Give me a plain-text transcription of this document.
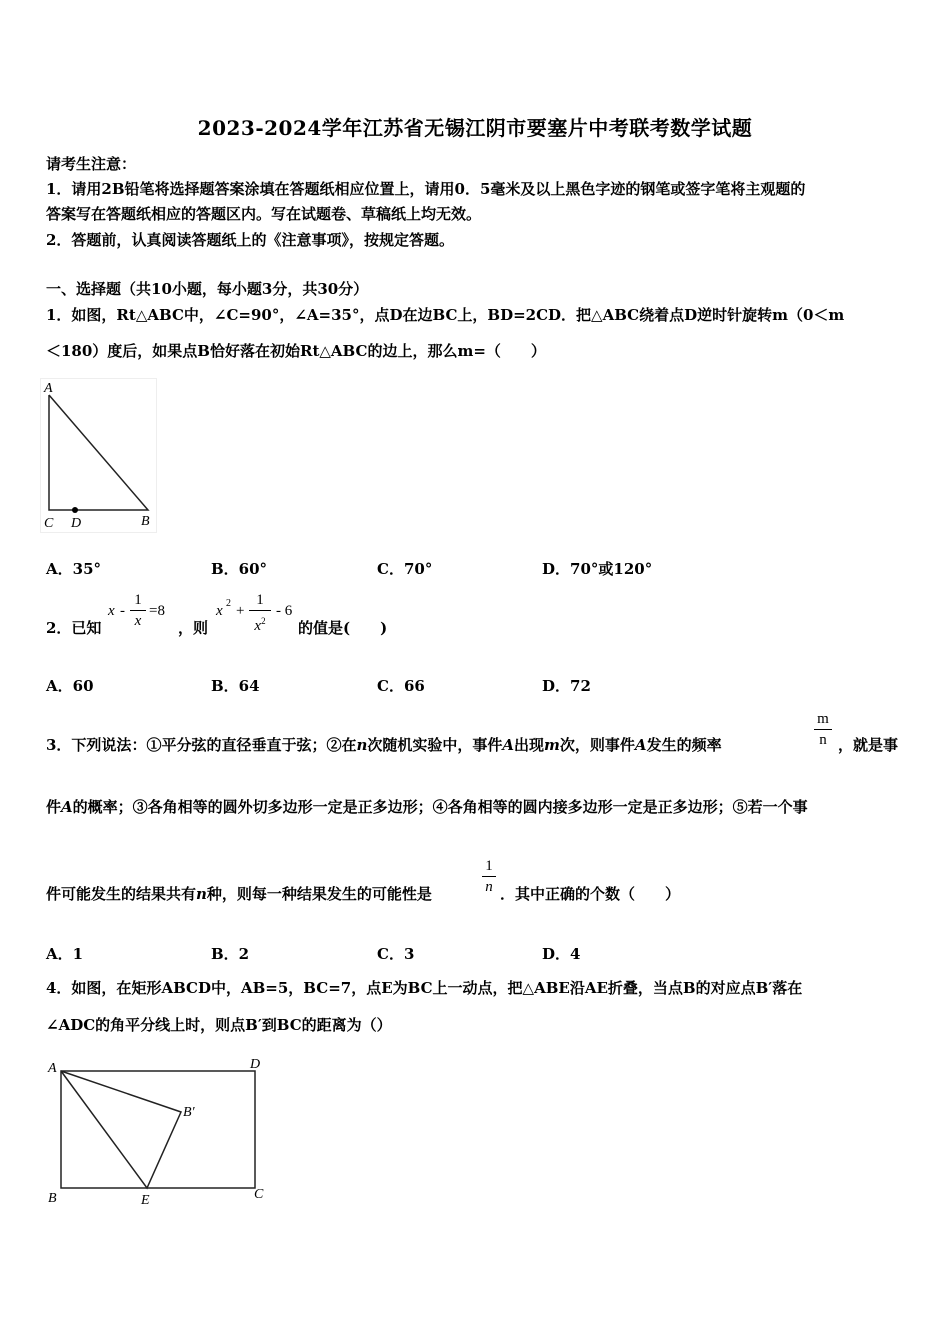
2023-2024学年江苏省无锡江阴市要塞片中考联考数学试题
请考生注意：
1．请用2B铅笔将选择题答案涂填在答题纸相应位置上，请用0．5毫米及以上黑色字迹的钢笔或签字笔将主观题的
答案写在答题纸相应的答题区内。写在试题卷、草稿纸上均无效。
2．答题前，认真阅读答题纸上的《注意事项》，按规定答题。
一、选择题（共10小题，每小题3分，共30分）
1．如图，Rt△ABC中，∠C=90°，∠A=35°，点D在边BC上，BD=2CD．把△ABC绕着点D逆时针旋转m（0＜m
＜180）度后，如果点B恰好落在初始Rt△ABC的边上，那么m=（　　）
A
C D	B
A．35°	B．60°	C．70°	D．70°或120°
2．已知
x -
1
x
=8
，则
x 2 +
1
$x^2$
- 6
的值是(　　)
A．60	B．64	C．66	D．72
3．下列说法：①平分弦的直径垂直于弦；②在n次随机实验中，事件A出现m次，则事件A发生的频率
m
n ，就是事
件A的概率；③各角相等的圆外切多边形一定是正多边形；④各角相等的圆内接多边形一定是正多边形；⑤若一个事
件可能发生的结果共有n种，则每一种结果发生的可能性是
1
n ．其中正确的个数（　　）
A．1	B．2	C．3	D．4
4．如图，在矩形ABCD中，AB=5，BC=7，点E为BC上一动点，把△ABE沿AE折叠，当点B的对应点B′落在
∠ADC的角平分线上时，则点B′到BC的距离为（）
A	D
B′
B	E	C
